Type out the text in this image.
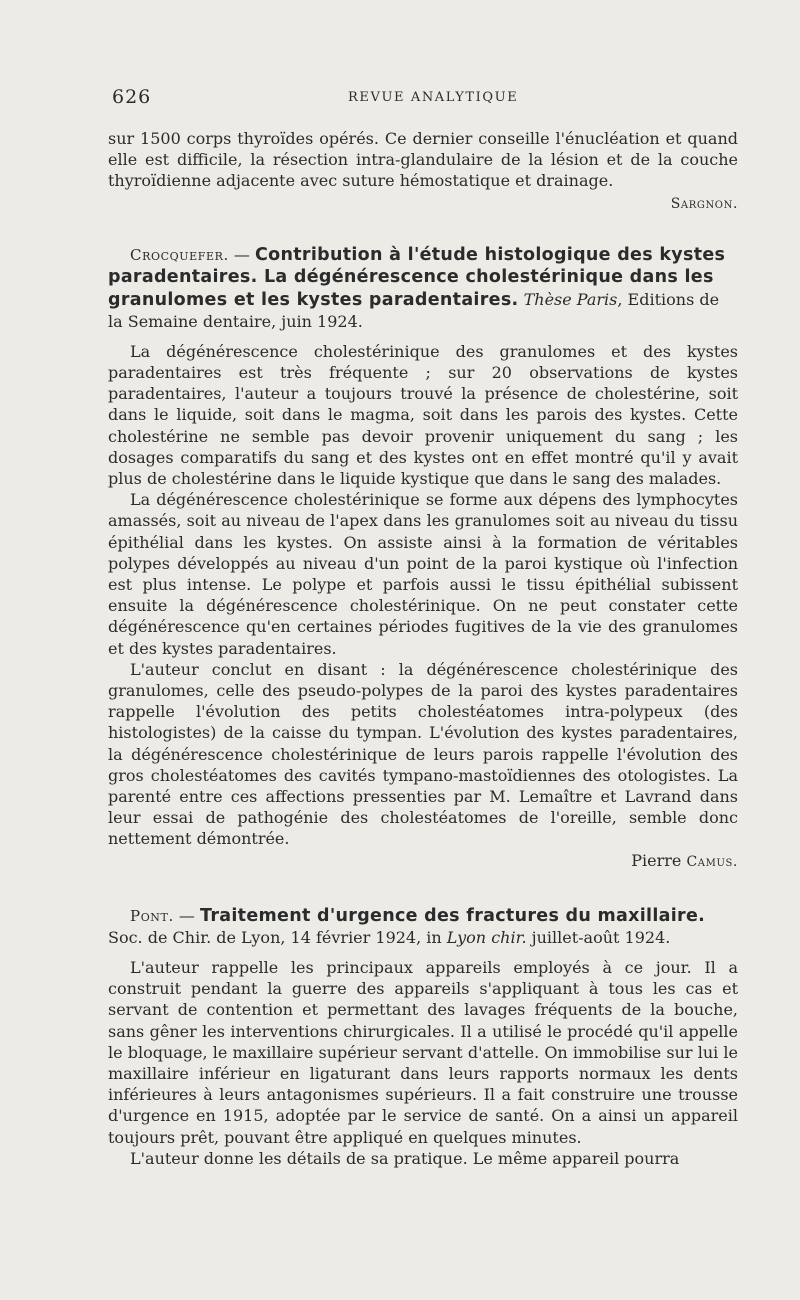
626	REVUE ANALYTIQUE

sur 1500 corps thyroïdes opérés. Ce dernier conseille l'énucléation et quand elle est difficile, la résection intra-glandulaire de la lésion et de la couche thyroïdienne adjacente avec suture hémostatique et drainage.

Sargnon.

Crocquefer. — Contribution à l'étude histologique des kystes paradentaires. La dégénérescence cholestérinique dans les granulomes et les kystes paradentaires. Thèse Paris, Editions de la Semaine dentaire, juin 1924.

La dégénérescence cholestérinique des granulomes et des kystes paradentaires est très fréquente ; sur 20 observations de kystes paradentaires, l'auteur a toujours trouvé la présence de cholestérine, soit dans le liquide, soit dans le magma, soit dans les parois des kystes. Cette cholestérine ne semble pas devoir provenir uniquement du sang ; les dosages comparatifs du sang et des kystes ont en effet montré qu'il y avait plus de cholestérine dans le liquide kystique que dans le sang des malades.

La dégénérescence cholestérinique se forme aux dépens des lymphocytes amassés, soit au niveau de l'apex dans les granulomes soit au niveau du tissu épithélial dans les kystes. On assiste ainsi à la formation de véritables polypes développés au niveau d'un point de la paroi kystique où l'infection est plus intense. Le polype et parfois aussi le tissu épithélial subissent ensuite la dégénérescence cholestérinique. On ne peut constater cette dégénérescence qu'en certaines périodes fugitives de la vie des granulomes et des kystes paradentaires.

L'auteur conclut en disant : la dégénérescence cholestérinique des granulomes, celle des pseudo-polypes de la paroi des kystes paradentaires rappelle l'évolution des petits cholestéatomes intra-polypeux (des histologistes) de la caisse du tympan. L'évolution des kystes paradentaires, la dégénérescence cholestérinique de leurs parois rappelle l'évolution des gros cholestéatomes des cavités tympano-mastoïdiennes des otologistes. La parenté entre ces affections pressenties par M. Lemaître et Lavrand dans leur essai de pathogénie des cholestéatomes de l'oreille, semble donc nettement démontrée.

Pierre Camus.

Pont. — Traitement d'urgence des fractures du maxillaire. Soc. de Chir. de Lyon, 14 février 1924, in Lyon chir. juillet-août 1924.

L'auteur rappelle les principaux appareils employés à ce jour. Il a construit pendant la guerre des appareils s'appliquant à tous les cas et servant de contention et permettant des lavages fréquents de la bouche, sans gêner les interventions chirurgicales. Il a utilisé le procédé qu'il appelle le bloquage, le maxillaire supérieur servant d'attelle. On immobilise sur lui le maxillaire inférieur en ligaturant dans leurs rapports normaux les dents inférieures à leurs antagonismes supérieurs. Il a fait construire une trousse d'urgence en 1915, adoptée par le service de santé. On a ainsi un appareil toujours prêt, pouvant être appliqué en quelques minutes.

L'auteur donne les détails de sa pratique. Le même appareil pourra
